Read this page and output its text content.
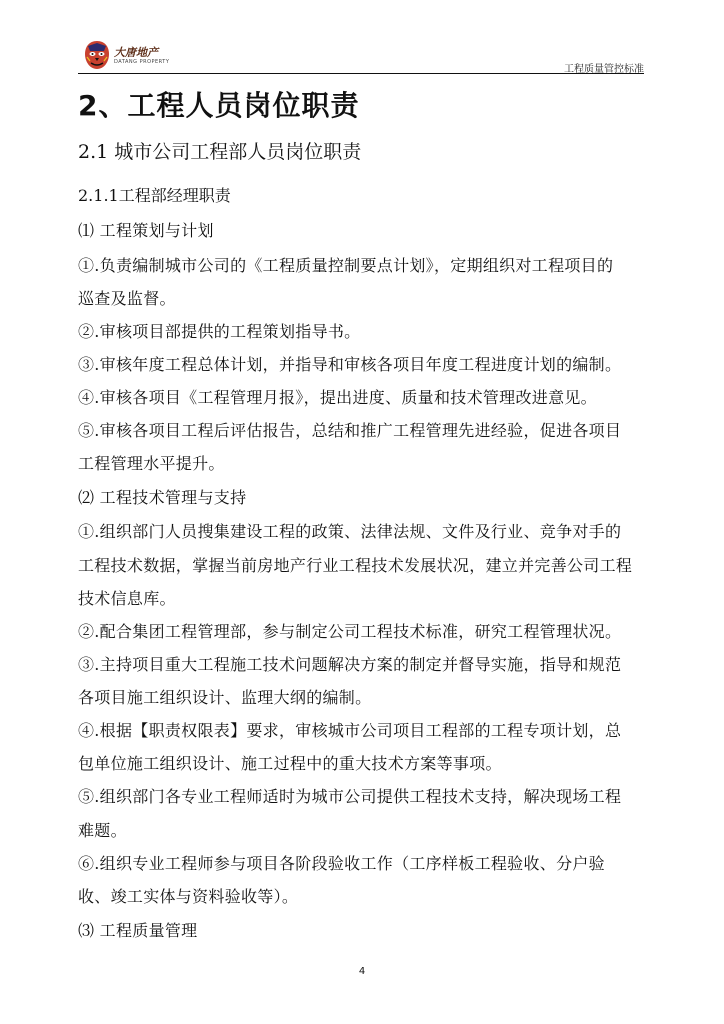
大唐地产
DATANG PROPERTY
工程质量管控标准
2、工程人员岗位职责
2.1 城市公司工程部人员岗位职责
2.1.1工程部经理职责
⑴ 工程策划与计划
①.负责编制城市公司的《工程质量控制要点计划》，定期组织对工程项目的
巡查及监督。
②.审核项目部提供的工程策划指导书。
③.审核年度工程总体计划，并指导和审核各项目年度工程进度计划的编制。
④.审核各项目《工程管理月报》，提出进度、质量和技术管理改进意见。
⑤.审核各项目工程后评估报告，总结和推广工程管理先进经验，促进各项目
工程管理水平提升。
⑵ 工程技术管理与支持
①.组织部门人员搜集建设工程的政策、法律法规、文件及行业、竞争对手的
工程技术数据，掌握当前房地产行业工程技术发展状况，建立并完善公司工程
技术信息库。
②.配合集团工程管理部，参与制定公司工程技术标准，研究工程管理状况。
③.主持项目重大工程施工技术问题解决方案的制定并督导实施，指导和规范
各项目施工组织设计、监理大纲的编制。
④.根据【职责权限表】要求，审核城市公司项目工程部的工程专项计划，总
包单位施工组织设计、施工过程中的重大技术方案等事项。
⑤.组织部门各专业工程师适时为城市公司提供工程技术支持，解决现场工程
难题。
⑥.组织专业工程师参与项目各阶段验收工作（工序样板工程验收、分户验
收、竣工实体与资料验收等）。
⑶ 工程质量管理
4
